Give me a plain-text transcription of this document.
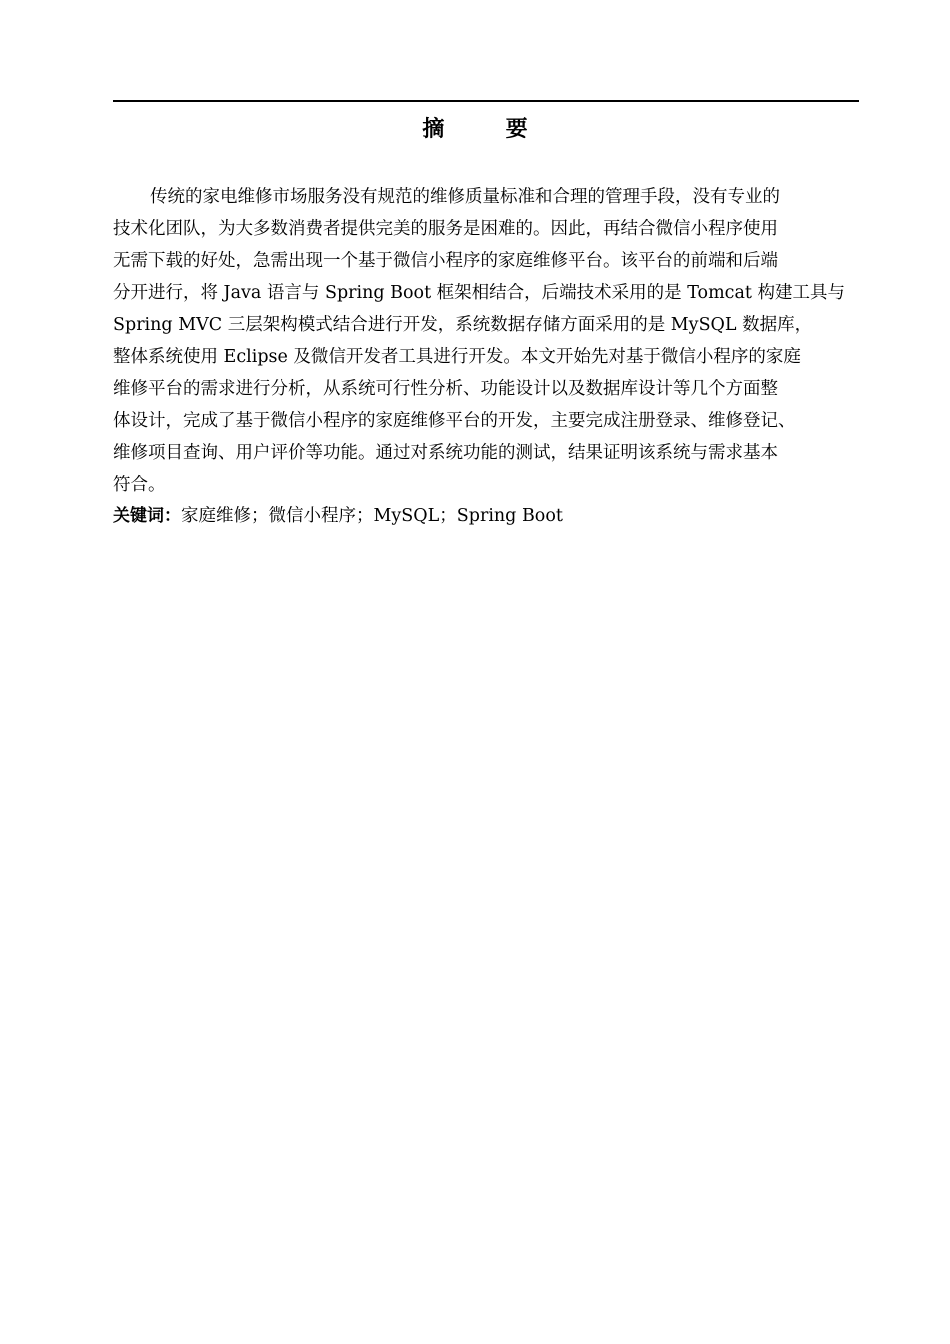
摘        要
传统的家电维修市场服务没有规范的维修质量标准和合理的管理手段，没有专业的
技术化团队，为大多数消费者提供完美的服务是困难的。因此，再结合微信小程序使用
无需下载的好处，急需出现一个基于微信小程序的家庭维修平台。该平台的前端和后端
分开进行，将 Java 语言与 Spring Boot 框架相结合，后端技术采用的是 Tomcat 构建工具与
Spring MVC 三层架构模式结合进行开发，系统数据存储方面采用的是 MySQL 数据库，
整体系统使用 Eclipse 及微信开发者工具进行开发。本文开始先对基于微信小程序的家庭
维修平台的需求进行分析，从系统可行性分析、功能设计以及数据库设计等几个方面整
体设计，完成了基于微信小程序的家庭维修平台的开发，主要完成注册登录、维修登记、
维修项目查询、用户评价等功能。通过对系统功能的测试，结果证明该系统与需求基本
符合。
关键词：家庭维修；微信小程序；MySQL；Spring Boot
